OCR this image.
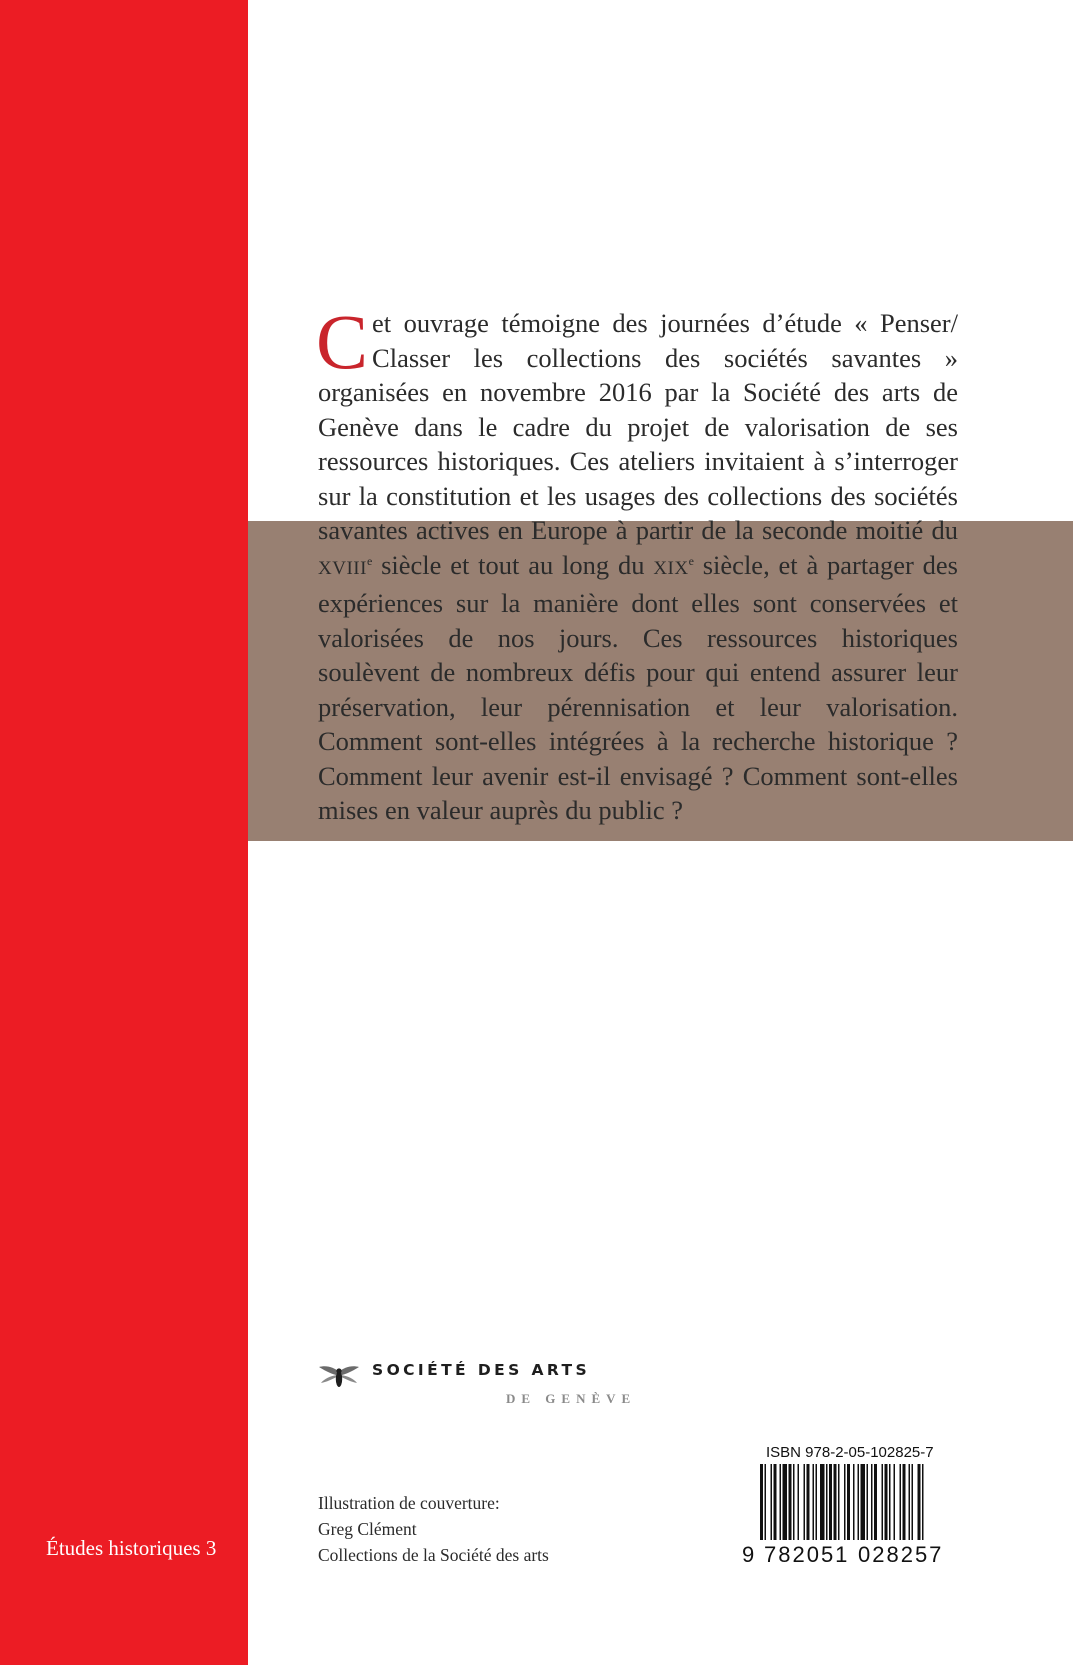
Cet ouvrage témoigne des journées d’étude « Penser/ Classer les collections des sociétés savantes » organisées en novembre 2016 par la Société des arts de Genève dans le cadre du projet de valorisation de ses ressources historiques. Ces ateliers invitaient à s’interroger sur la constitution et les usages des collections des sociétés savantes actives en Europe à partir de la seconde moitié du XVIIIe siècle et tout au long du XIXe siècle, et à partager des expériences sur la manière dont elles sont conservées et valorisées de nos jours. Ces ressources historiques soulèvent de nombreux défis pour qui entend assurer leur préservation, leur pérennisation et leur valorisation. Comment sont-elles intégrées à la recherche historique ? Comment leur avenir est-il envisagé ? Comment sont-elles mises en valeur auprès du public ?

SOCIÉTÉ DES ARTS
DE GENÈVE
Illustration de couverture:
Greg Clément
Collections de la Société des arts
Études historiques 3
ISBN 978-2-05-102825-7
9 782051 028257
